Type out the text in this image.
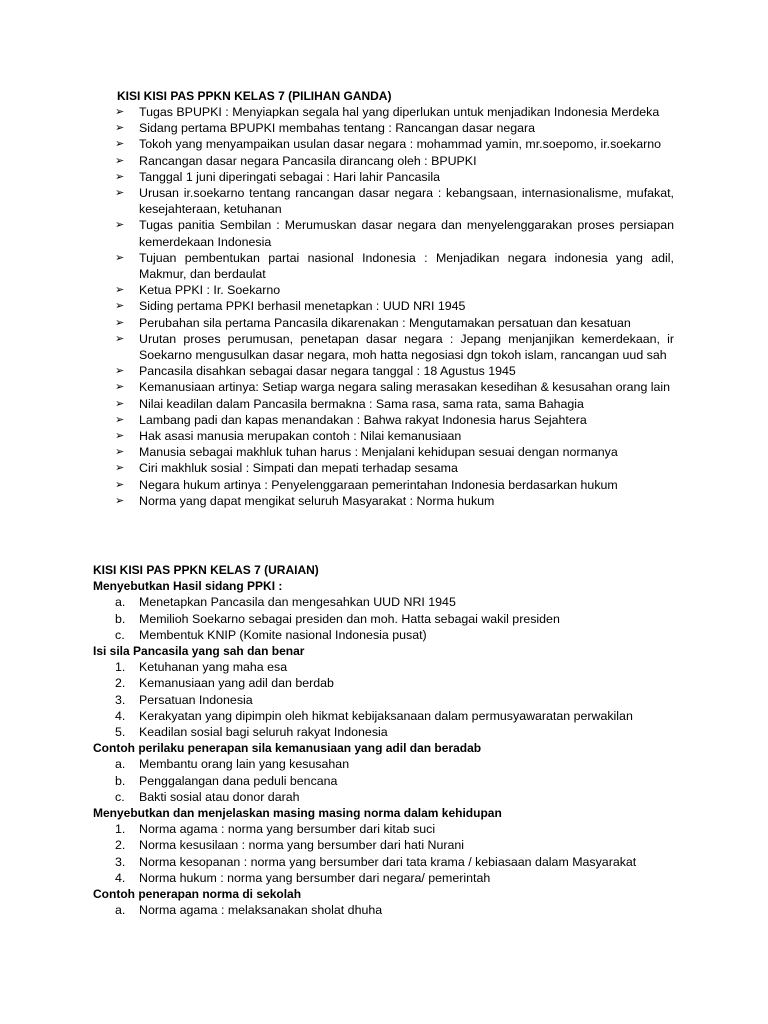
KISI KISI PAS PPKN KELAS 7 (PILIHAN GANDA)
➢ Tugas BPUPKI : Menyiapkan segala hal yang diperlukan untuk menjadikan Indonesia Merdeka
➢ Sidang pertama BPUPKI membahas tentang : Rancangan dasar negara
➢ Tokoh yang menyampaikan usulan dasar negara : mohammad yamin, mr.soepomo, ir.soekarno
➢ Rancangan dasar negara Pancasila dirancang oleh : BPUPKI
➢ Tanggal 1 juni diperingati sebagai : Hari lahir Pancasila
➢ Urusan ir.soekarno tentang rancangan dasar negara : kebangsaan, internasionalisme, mufakat, kesejahteraan, ketuhanan
➢ Tugas panitia Sembilan : Merumuskan dasar negara dan menyelenggarakan proses persiapan kemerdekaan Indonesia
➢ Tujuan pembentukan partai nasional Indonesia : Menjadikan negara indonesia yang adil, Makmur, dan berdaulat
➢ Ketua PPKI : Ir. Soekarno
➢ Siding pertama PPKI berhasil menetapkan : UUD NRI 1945
➢ Perubahan sila pertama Pancasila dikarenakan : Mengutamakan persatuan dan kesatuan
➢ Urutan proses perumusan, penetapan dasar negara : Jepang menjanjikan kemerdekaan, ir Soekarno mengusulkan dasar negara, moh hatta negosiasi dgn tokoh islam, rancangan uud sah
➢ Pancasila disahkan sebagai dasar negara tanggal : 18 Agustus 1945
➢ Kemanusiaan artinya: Setiap warga negara saling merasakan kesedihan & kesusahan orang lain
➢ Nilai keadilan dalam Pancasila bermakna : Sama rasa, sama rata, sama Bahagia
➢ Lambang padi dan kapas menandakan : Bahwa rakyat Indonesia harus Sejahtera
➢ Hak asasi manusia merupakan contoh : Nilai kemanusiaan
➢ Manusia sebagai makhluk tuhan harus : Menjalani kehidupan sesuai dengan normanya
➢ Ciri makhluk sosial : Simpati dan mepati terhadap sesama
➢ Negara hukum artinya : Penyelenggaraan pemerintahan Indonesia berdasarkan hukum
➢ Norma yang dapat mengikat seluruh Masyarakat : Norma hukum
KISI KISI PAS PPKN KELAS 7 (URAIAN)
Menyebutkan Hasil sidang PPKI :
a. Menetapkan Pancasila dan mengesahkan UUD NRI 1945
b. Memilioh Soekarno sebagai presiden dan moh. Hatta sebagai wakil presiden
c. Membentuk KNIP (Komite nasional Indonesia pusat)
Isi sila Pancasila yang sah dan benar
1. Ketuhanan yang maha esa
2. Kemanusiaan yang adil dan berdab
3. Persatuan Indonesia
4. Kerakyatan yang dipimpin oleh hikmat kebijaksanaan dalam permusyawaratan perwakilan
5. Keadilan sosial bagi seluruh rakyat Indonesia
Contoh perilaku penerapan sila kemanusiaan yang adil dan beradab
a. Membantu orang lain yang kesusahan
b. Penggalangan dana peduli bencana
c. Bakti sosial atau donor darah
Menyebutkan dan menjelaskan masing masing norma dalam kehidupan
1. Norma agama : norma yang bersumber dari kitab suci
2. Norma kesusilaan : norma yang bersumber dari hati Nurani
3. Norma kesopanan : norma yang bersumber dari tata krama / kebiasaan dalam Masyarakat
4. Norma hukum : norma yang bersumber dari negara/ pemerintah
Contoh penerapan norma di sekolah
a. Norma agama : melaksanakan sholat dhuha
